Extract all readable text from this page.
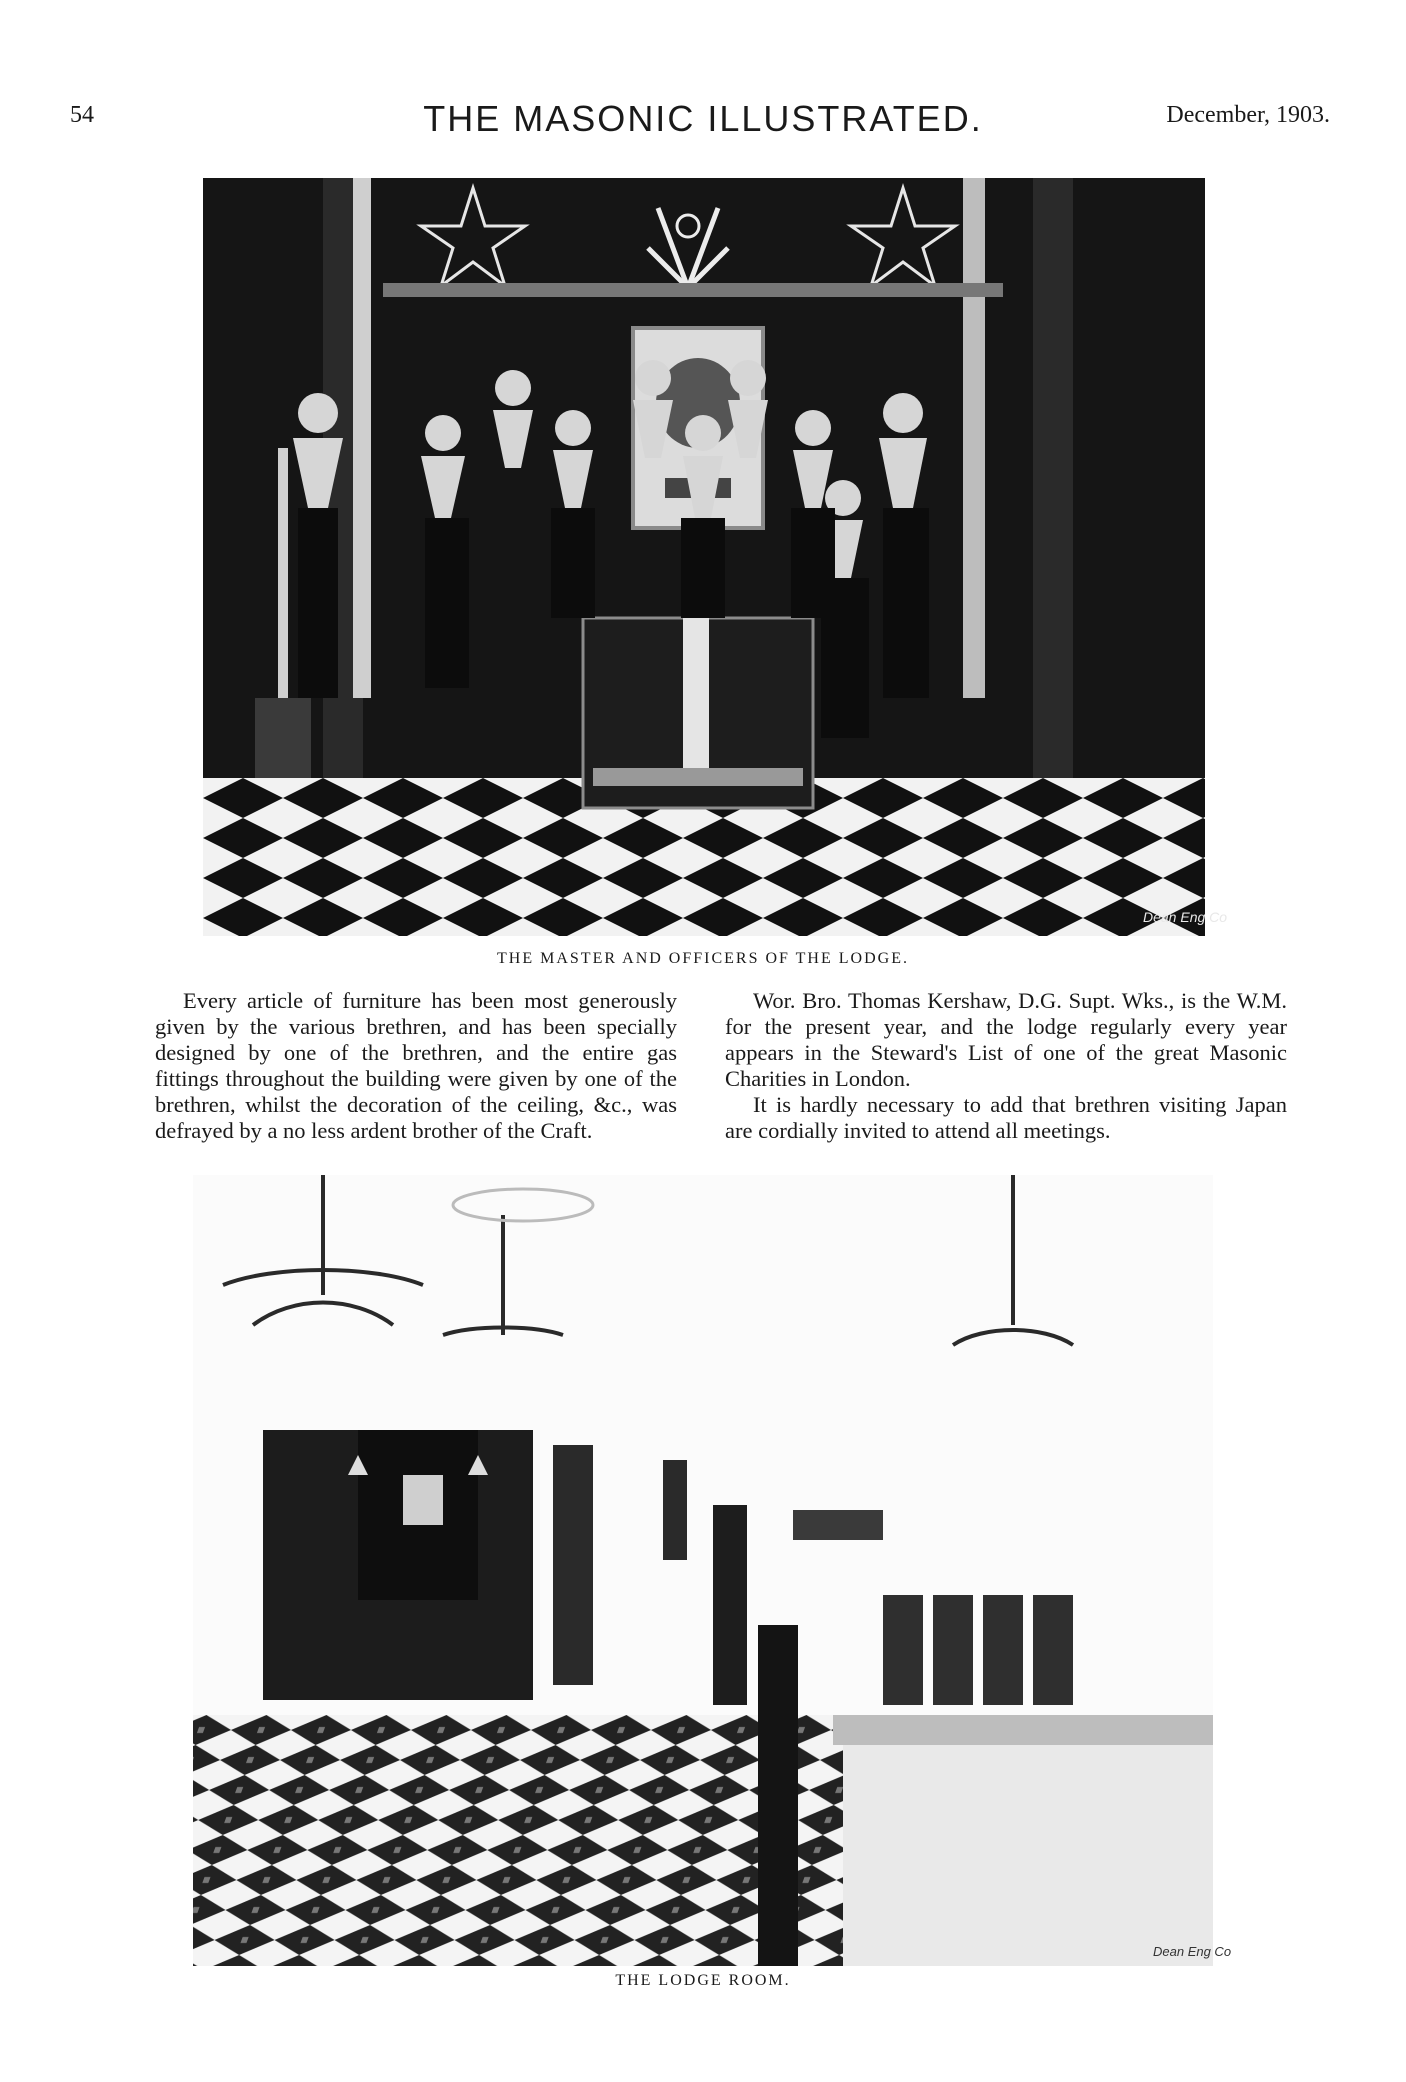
54	THE MASONIC ILLUSTRATED.	December, 1903.
Dean Eng Co
THE MASTER AND OFFICERS OF THE LODGE.

Every article of furniture has been most generously given by the various brethren, and has been specially designed by one of the brethren, and the entire gas fittings throughout the building were given by one of the brethren, whilst the decoration of the ceiling, &c., was defrayed by a no less ardent brother of the Craft.

Wor. Bro. Thomas Kershaw, D.G. Supt. Wks., is the W.M. for the present year, and the lodge regularly every year appears in the Steward's List of one of the great Masonic Charities in London.

It is hardly necessary to add that brethren visiting Japan are cordially invited to attend all meetings.

Dean Eng Co
THE LODGE ROOM.
